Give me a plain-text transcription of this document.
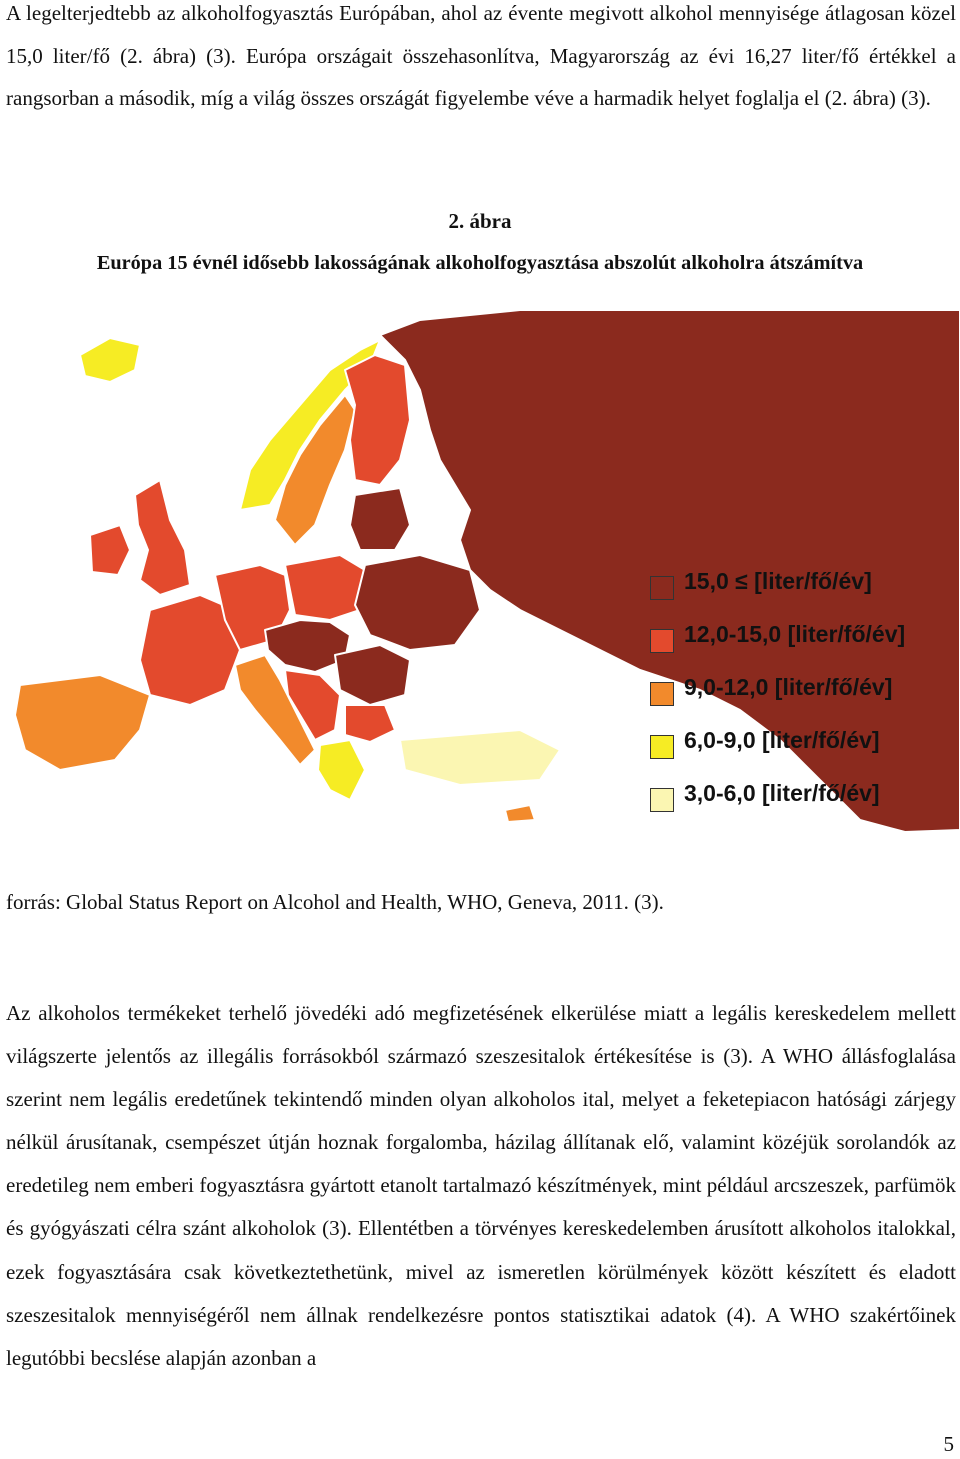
A legelterjedtebb az alkoholfogyasztás Európában, ahol az évente megivott alkohol mennyisége átlagosan közel 15,0 liter/fő (2. ábra) (3). Európa országait összehasonlítva, Magyarország az évi 16,27 liter/fő értékkel a rangsorban a második, míg a világ összes országát figyelembe véve a harmadik helyet foglalja el (2. ábra) (3).

2. ábra

Európa 15 évnél idősebb lakosságának alkoholfogyasztása abszolút alkoholra átszámítva

15,0 ≤ [liter/fő/év]
12,0-15,0 [liter/fő/év]
9,0-12,0 [liter/fő/év]
6,0-9,0 [liter/fő/év]
3,0-6,0 [liter/fő/év]

forrás: Global Status Report on Alcohol and Health, WHO, Geneva, 2011. (3).

Az alkoholos termékeket terhelő jövedéki adó megfizetésének elkerülése miatt a legális kereskedelem mellett világszerte jelentős az illegális forrásokból származó szeszesitalok értékesítése is (3). A WHO állásfoglalása szerint nem legális eredetűnek tekintendő minden olyan alkoholos ital, melyet a feketepiacon hatósági zárjegy nélkül árusítanak, csempészet útján hoznak forgalomba, házilag állítanak elő, valamint közéjük sorolandók az eredetileg nem emberi fogyasztásra gyártott etanolt tartalmazó készítmények, mint például arcszeszek, parfümök és gyógyászati célra szánt alkoholok (3). Ellentétben a törvényes kereskedelemben árusított alkoholos italokkal, ezek fogyasztására csak következtethetünk, mivel az ismeretlen körülmények között készített és eladott szeszesitalok mennyiségéről nem állnak rendelkezésre pontos statisztikai adatok (4). A WHO szakértőinek legutóbbi becslése alapján azonban a

5
